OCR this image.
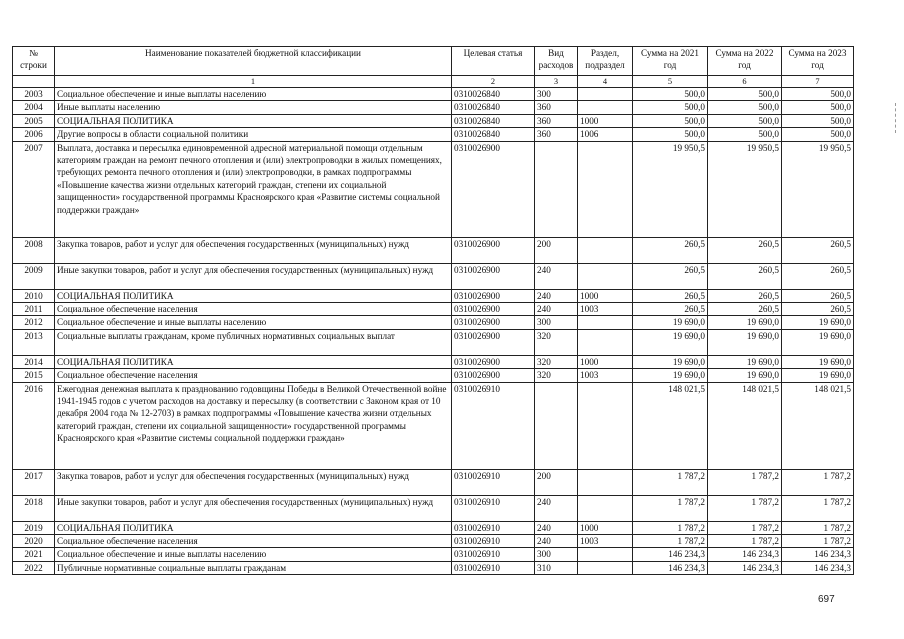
№ строки	Наименование показателей бюджетной классификации	Целевая статья	Вид расходов	Раздел, подраздел	Сумма на 2021 год	Сумма на 2022 год	Сумма на 2023 год
	1	2	3	4	5	6	7
2003	Социальное обеспечение и иные выплаты населению	0310026840	300		500,0	500,0	500,0
2004	Иные выплаты населению	0310026840	360		500,0	500,0	500,0
2005	СОЦИАЛЬНАЯ ПОЛИТИКА	0310026840	360	1000	500,0	500,0	500,0
2006	Другие вопросы в области социальной политики	0310026840	360	1006	500,0	500,0	500,0
2007	Выплата, доставка и пересылка единовременной адресной материальной помощи отдельным категориям граждан на ремонт печного отопления и (или) электропроводки в жилых помещениях, требующих ремонта печного отопления и (или) электропроводки, в рамках подпрограммы «Повышение качества жизни отдельных категорий граждан, степени их социальной защищенности» государственной программы Красноярского края «Развитие системы социальной поддержки граждан»	0310026900			19 950,5	19 950,5	19 950,5
2008	Закупка товаров, работ и услуг для обеспечения государственных (муниципальных) нужд	0310026900	200		260,5	260,5	260,5
2009	Иные закупки товаров, работ и услуг для обеспечения государственных (муниципальных) нужд	0310026900	240		260,5	260,5	260,5
2010	СОЦИАЛЬНАЯ ПОЛИТИКА	0310026900	240	1000	260,5	260,5	260,5
2011	Социальное обеспечение населения	0310026900	240	1003	260,5	260,5	260,5
2012	Социальное обеспечение и иные выплаты населению	0310026900	300		19 690,0	19 690,0	19 690,0
2013	Социальные выплаты гражданам, кроме публичных нормативных социальных выплат	0310026900	320		19 690,0	19 690,0	19 690,0
2014	СОЦИАЛЬНАЯ ПОЛИТИКА	0310026900	320	1000	19 690,0	19 690,0	19 690,0
2015	Социальное обеспечение населения	0310026900	320	1003	19 690,0	19 690,0	19 690,0
2016	Ежегодная денежная выплата к празднованию годовщины Победы в Великой Отечественной войне 1941-1945 годов с учетом расходов на доставку и пересылку (в соответствии с Законом края от 10 декабря 2004 года № 12-2703) в рамках подпрограммы «Повышение качества жизни отдельных категорий граждан, степени их социальной защищенности» государственной программы Красноярского края «Развитие системы социальной поддержки граждан»	0310026910			148 021,5	148 021,5	148 021,5
2017	Закупка товаров, работ и услуг для обеспечения государственных (муниципальных) нужд	0310026910	200		1 787,2	1 787,2	1 787,2
2018	Иные закупки товаров, работ и услуг для обеспечения государственных (муниципальных) нужд	0310026910	240		1 787,2	1 787,2	1 787,2
2019	СОЦИАЛЬНАЯ ПОЛИТИКА	0310026910	240	1000	1 787,2	1 787,2	1 787,2
2020	Социальное обеспечение населения	0310026910	240	1003	1 787,2	1 787,2	1 787,2
2021	Социальное обеспечение и иные выплаты населению	0310026910	300		146 234,3	146 234,3	146 234,3
2022	Публичные нормативные социальные выплаты гражданам	0310026910	310		146 234,3	146 234,3	146 234,3
697
